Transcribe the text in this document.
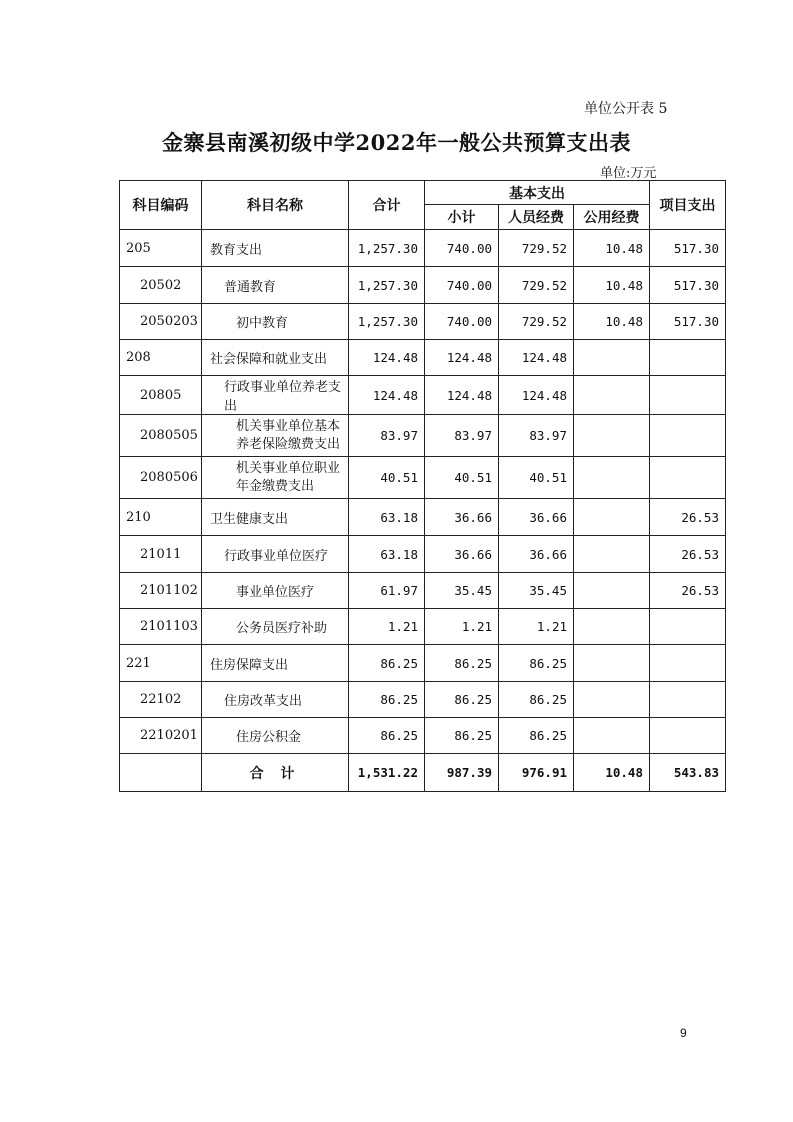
单位公开表 5
金寨县南溪初级中学2022年一般公共预算支出表
单位:万元
科目编码	科目名称	合计	基本支出			项目支出
			小计	人员经费	公用经费	
205	教育支出	1,257.30	740.00	729.52	10.48	517.30
20502	普通教育	1,257.30	740.00	729.52	10.48	517.30
2050203	初中教育	1,257.30	740.00	729.52	10.48	517.30
208	社会保障和就业支出	124.48	124.48	124.48		
20805	行政事业单位养老支出	124.48	124.48	124.48		
2080505	机关事业单位基本养老保险缴费支出	83.97	83.97	83.97		
2080506	机关事业单位职业年金缴费支出	40.51	40.51	40.51		
210	卫生健康支出	63.18	36.66	36.66		26.53
21011	行政事业单位医疗	63.18	36.66	36.66		26.53
2101102	事业单位医疗	61.97	35.45	35.45		26.53
2101103	公务员医疗补助	1.21	1.21	1.21		
221	住房保障支出	86.25	86.25	86.25		
22102	住房改革支出	86.25	86.25	86.25		
2210201	住房公积金	86.25	86.25	86.25		
	合 计	1,531.22	987.39	976.91	10.48	543.83
9
